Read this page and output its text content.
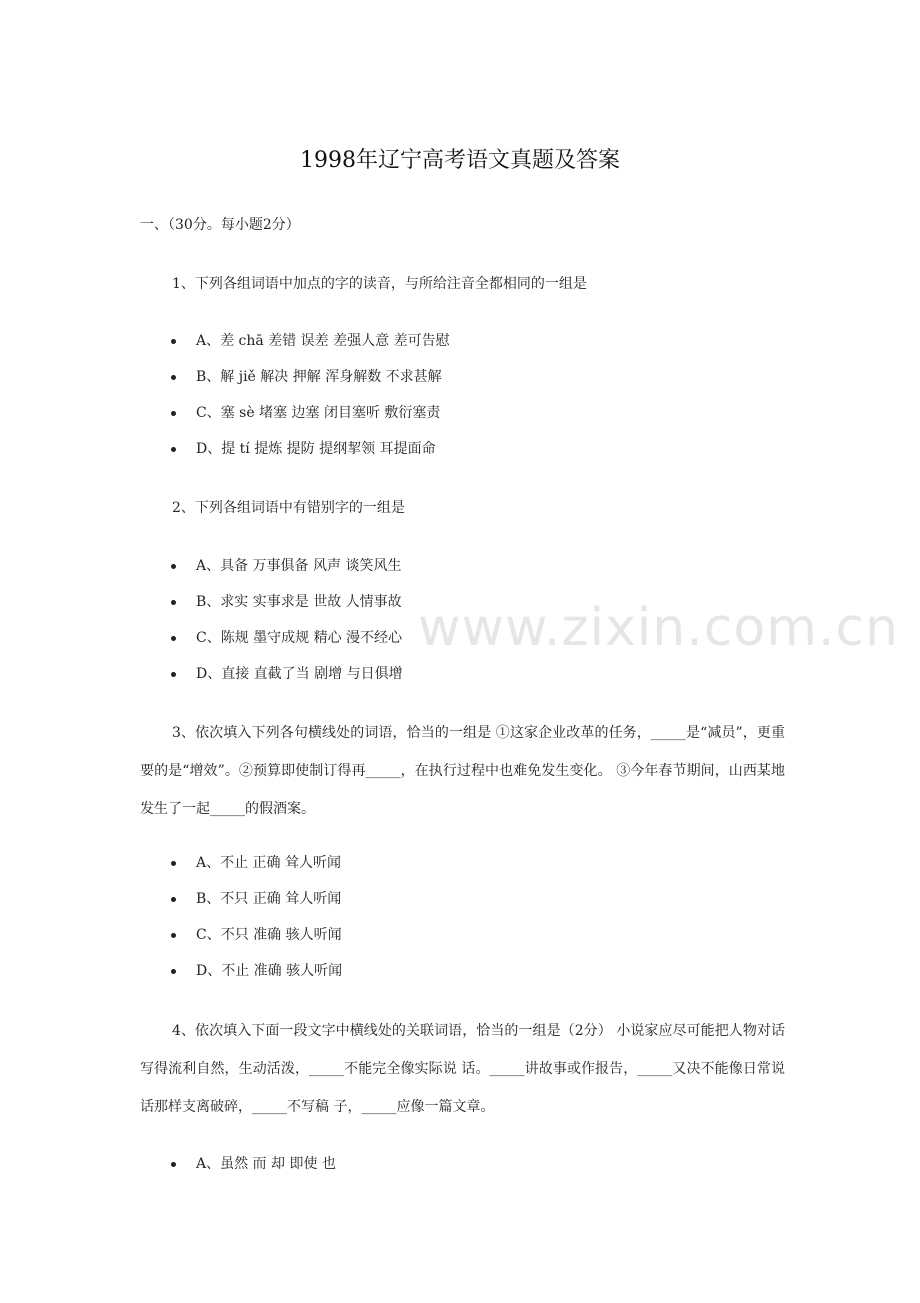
www.zixin.com.cn
1998年辽宁高考语文真题及答案
一、（30分。每小题2分）
1、下列各组词语中加点的字的读音，与所给注音全都相同的一组是
A、差 chā 差错 误差 差强人意 差可告慰
B、解 jiě 解决 押解 浑身解数 不求甚解
C、塞 sè 堵塞 边塞 闭目塞听 敷衍塞责
D、提 tí 提炼 提防 提纲挈领 耳提面命
2、下列各组词语中有错别字的一组是
A、具备 万事俱备 风声 谈笑风生
B、求实 实事求是 世故 人情事故
C、陈规 墨守成规 精心 漫不经心
D、直接 直截了当 剧增 与日俱增
3、依次填入下列各句横线处的词语，恰当的一组是 ①这家企业改革的任务，_____是“减员”，更重要的是“增效”。②预算即使制订得再_____，在执行过程中也难免发生变化。 ③今年春节期间，山西某地发生了一起_____的假酒案。
A、不止 正确 耸人听闻
B、不只 正确 耸人听闻
C、不只 准确 骇人听闻
D、不止 准确 骇人听闻
4、依次填入下面一段文字中横线处的关联词语，恰当的一组是（2分） 小说家应尽可能把人物对话写得流利自然，生动活泼，_____不能完全像实际说 话。_____讲故事或作报告，_____又决不能像日常说话那样支离破碎，_____不写稿 子，_____应像一篇文章。
A、虽然 而 却 即使 也
